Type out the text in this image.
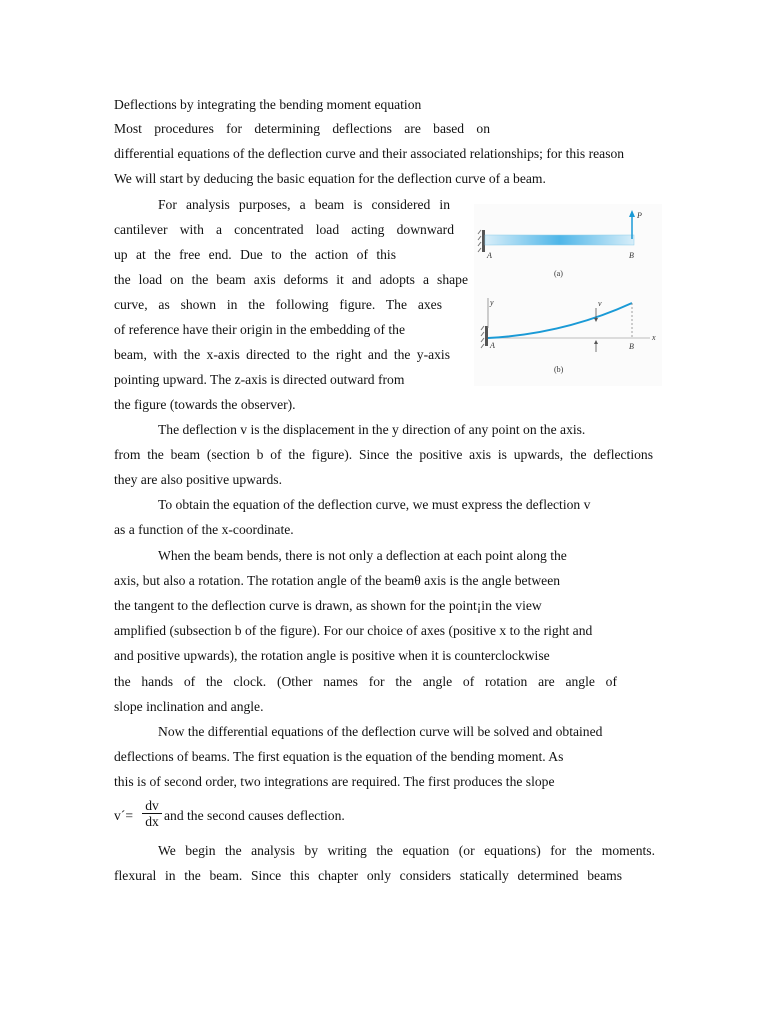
Deflections by integrating the bending moment equation

Most procedures for determining deflections are based on

differential equations of the deflection curve and their associated relationships; for this reason

We will start by deducing the basic equation for the deflection curve of a beam.

For analysis purposes, a beam is considered in

cantilever with a concentrated load acting downward

up at the free end. Due to the action of this

the load on the beam axis deforms it and adopts a shape

curve, as shown in the following figure. The axes

of reference have their origin in the embedding of the

beam, with the x-axis directed to the right and the y-axis

pointing upward. The z-axis is directed outward from

the figure (towards the observer).

The deflection v is the displacement in the y direction of any point on the axis.

from the beam (section b of the figure). Since the positive axis is upwards, the deflections

they are also positive upwards.

To obtain the equation of the deflection curve, we must express the deflection v

as a function of the x-coordinate.

When the beam bends, there is not only a deflection at each point along the

axis, but also a rotation. The rotation angle of the beamθ axis is the angle between

the tangent to the deflection curve is drawn, as shown for the point¡in the view

amplified (subsection b of the figure). For our choice of axes (positive x to the right and

and positive upwards), the rotation angle is positive when it is counterclockwise

the hands of the clock. (Other names for the angle of rotation are angle of

slope inclination and angle.

Now the differential equations of the deflection curve will be solved and obtained

deflections of beams. The first equation is the equation of the bending moment. As

this is of second order, two integrations are required. The first produces the slope

v´= $\frac{dv}{dx}$ and the second causes deflection.

We begin the analysis by writing the equation (or equations) for the moments.

flexural in the beam. Since this chapter only considers statically determined beams

P
A	B
(a)
y
x
v
A	B
(b)
